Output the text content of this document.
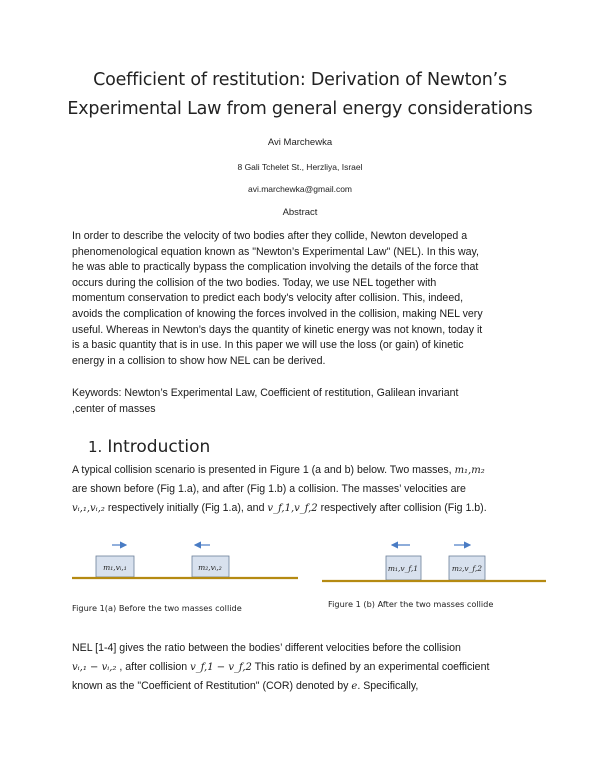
Coefficient of restitution: Derivation of Newton’s
Experimental Law from general energy considerations
Avi Marchewka
8 Gali Tchelet St., Herzliya, Israel
avi.marchewka@gmail.com
Abstract

In order to describe the velocity of two bodies after they collide, Newton developed a
phenomenological equation known as "Newton’s Experimental Law" (NEL). In this way,
he was able to practically bypass the complication involving the details of the force that
occurs during the collision of the two bodies. Today, we use NEL together with
momentum conservation to predict each body's velocity after collision. This, indeed,
avoids the complication of knowing the forces involved in the collision, making NEL very
useful. Whereas in Newton’s days the quantity of kinetic energy was not known, today it
is a basic quantity that is in use. In this paper we will use the loss (or gain) of kinetic
energy in a collision to show how NEL can be derived.

Keywords: Newton’s Experimental Law, Coefficient of restitution, Galilean invariant
,center of masses

1. Introduction
A typical collision scenario is presented in Figure 1 (a and b) below. Two masses, m₁,m₂
are shown before (Fig 1.a), and after (Fig 1.b) a collision. The masses’ velocities are
vᵢ,₁,vᵢ,₂ respectively initially (Fig 1.a), and v_f,1,v_f,2 respectively after collision (Fig 1.b).
m₁,vᵢ,₁	m₂,vᵢ,₂	m₁,v_f,1	m₂,v_f,2
Figure 1(a) Before the two masses collide	Figure 1 (b) After the two masses collide
NEL [1-4] gives the ratio between the bodies’ different velocities before the collision
vᵢ,₁ − vᵢ,₂ , after collision v_f,1 − v_f,2 This ratio is defined by an experimental coefficient
known as the "Coefficient of Restitution" (COR) denoted by e. Specifically,
